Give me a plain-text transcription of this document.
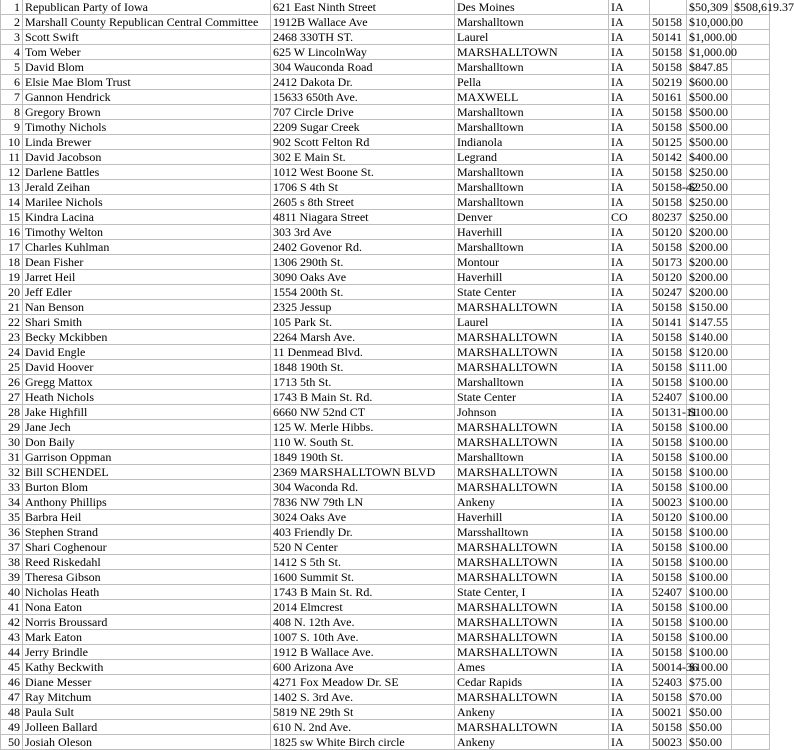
1	Republican Party of Iowa	621 East Ninth Street	Des Moines	IA		$50,309	$508,619.37
2	Marshall County Republican Central Committee	1912B Wallace Ave	Marshalltown	IA	50158	$10,000.00	
3	Scott Swift	2468 330TH ST.	Laurel	IA	50141	$1,000.00	
4	Tom Weber	625 W LincolnWay	MARSHALLTOWN	IA	50158	$1,000.00	
5	David Blom	304 Wauconda Road	Marshalltown	IA	50158	$847.85	
6	Elsie Mae Blom Trust	2412 Dakota Dr.	Pella	IA	50219	$600.00	
7	Gannon Hendrick	15633 650th Ave.	MAXWELL	IA	50161	$500.00	
8	Gregory Brown	707 Circle Drive	Marshalltown	IA	50158	$500.00	
9	Timothy Nichols	2209 Sugar Creek	Marshalltown	IA	50158	$500.00	
10	Linda Brewer	902 Scott Felton Rd	Indianola	IA	50125	$500.00	
11	David Jacobson	302 E Main St.	Legrand	IA	50142	$400.00	
12	Darlene Battles	1012 West Boone St.	Marshalltown	IA	50158	$250.00	
13	Jerald Zeihan	1706 S 4th St	Marshalltown	IA	50158-42	$250.00	
14	Marilee Nichols	2605 s 8th Street	Marshalltown	IA	50158	$250.00	
15	Kindra Lacina	4811 Niagara Street	Denver	CO	80237	$250.00	
16	Timothy Welton	303 3rd Ave	Haverhill	IA	50120	$200.00	
17	Charles Kuhlman	2402 Govenor Rd.	Marshalltown	IA	50158	$200.00	
18	Dean Fisher	1306 290th St.	Montour	IA	50173	$200.00	
19	Jarret Heil	3090 Oaks Ave	Haverhill	IA	50120	$200.00	
20	Jeff Edler	1554 200th St.	State Center	IA	50247	$200.00	
21	Nan Benson	2325 Jessup	MARSHALLTOWN	IA	50158	$150.00	
22	Shari Smith	105 Park St.	Laurel	IA	50141	$147.55	
23	Becky Mckibben	2264 Marsh Ave.	MARSHALLTOWN	IA	50158	$140.00	
24	David Engle	11 Denmead Blvd.	MARSHALLTOWN	IA	50158	$120.00	
25	David Hoover	1848 190th St.	MARSHALLTOWN	IA	50158	$111.00	
26	Gregg Mattox	1713 5th St.	Marshalltown	IA	50158	$100.00	
27	Heath Nichols	1743 B Main St. Rd.	State Center	IA	52407	$100.00	
28	Jake Highfill	6660 NW 52nd CT	Johnson	IA	50131-11	$100.00	
29	Jane Jech	125 W. Merle Hibbs.	MARSHALLTOWN	IA	50158	$100.00	
30	Don Baily	110 W. South St.	MARSHALLTOWN	IA	50158	$100.00	
31	Garrison Oppman	1849 190th St.	Marshalltown	IA	50158	$100.00	
32	Bill SCHENDEL	2369 MARSHALLTOWN BLVD	MARSHALLTOWN	IA	50158	$100.00	
33	Burton Blom	304 Waconda Rd.	MARSHALLTOWN	IA	50158	$100.00	
34	Anthony Phillips	7836 NW 79th LN	Ankeny	IA	50023	$100.00	
35	Barbra Heil	3024 Oaks Ave	Haverhill	IA	50120	$100.00	
36	Stephen Strand	403 Friendly Dr.	Marsshalltown	IA	50158	$100.00	
37	Shari Coghenour	520 N Center	MARSHALLTOWN	IA	50158	$100.00	
38	Reed Riskedahl	1412 S 5th St.	MARSHALLTOWN	IA	50158	$100.00	
39	Theresa Gibson	1600 Summit St.	MARSHALLTOWN	IA	50158	$100.00	
40	Nicholas Heath	1743 B Main St. Rd.	State Center, I	IA	52407	$100.00	
41	Nona Eaton	2014 Elmcrest	MARSHALLTOWN	IA	50158	$100.00	
42	Norris Broussard	408 N. 12th Ave.	MARSHALLTOWN	IA	50158	$100.00	
43	Mark Eaton	1007 S. 10th Ave.	MARSHALLTOWN	IA	50158	$100.00	
44	Jerry Brindle	1912 B Wallace Ave.	MARSHALLTOWN	IA	50158	$100.00	
45	Kathy Beckwith	600 Arizona Ave	Ames	IA	50014-36	$100.00	
46	Diane Messer	4271 Fox Meadow Dr. SE	Cedar Rapids	IA	52403	$75.00	
47	Ray Mitchum	1402 S. 3rd Ave.	MARSHALLTOWN	IA	50158	$70.00	
48	Paula Sult	5819 NE 29th St	Ankeny	IA	50021	$50.00	
49	Jolleen Ballard	610 N. 2nd Ave.	MARSHALLTOWN	IA	50158	$50.00	
50	Josiah Oleson	1825 sw White Birch circle	Ankeny	IA	50023	$50.00	
